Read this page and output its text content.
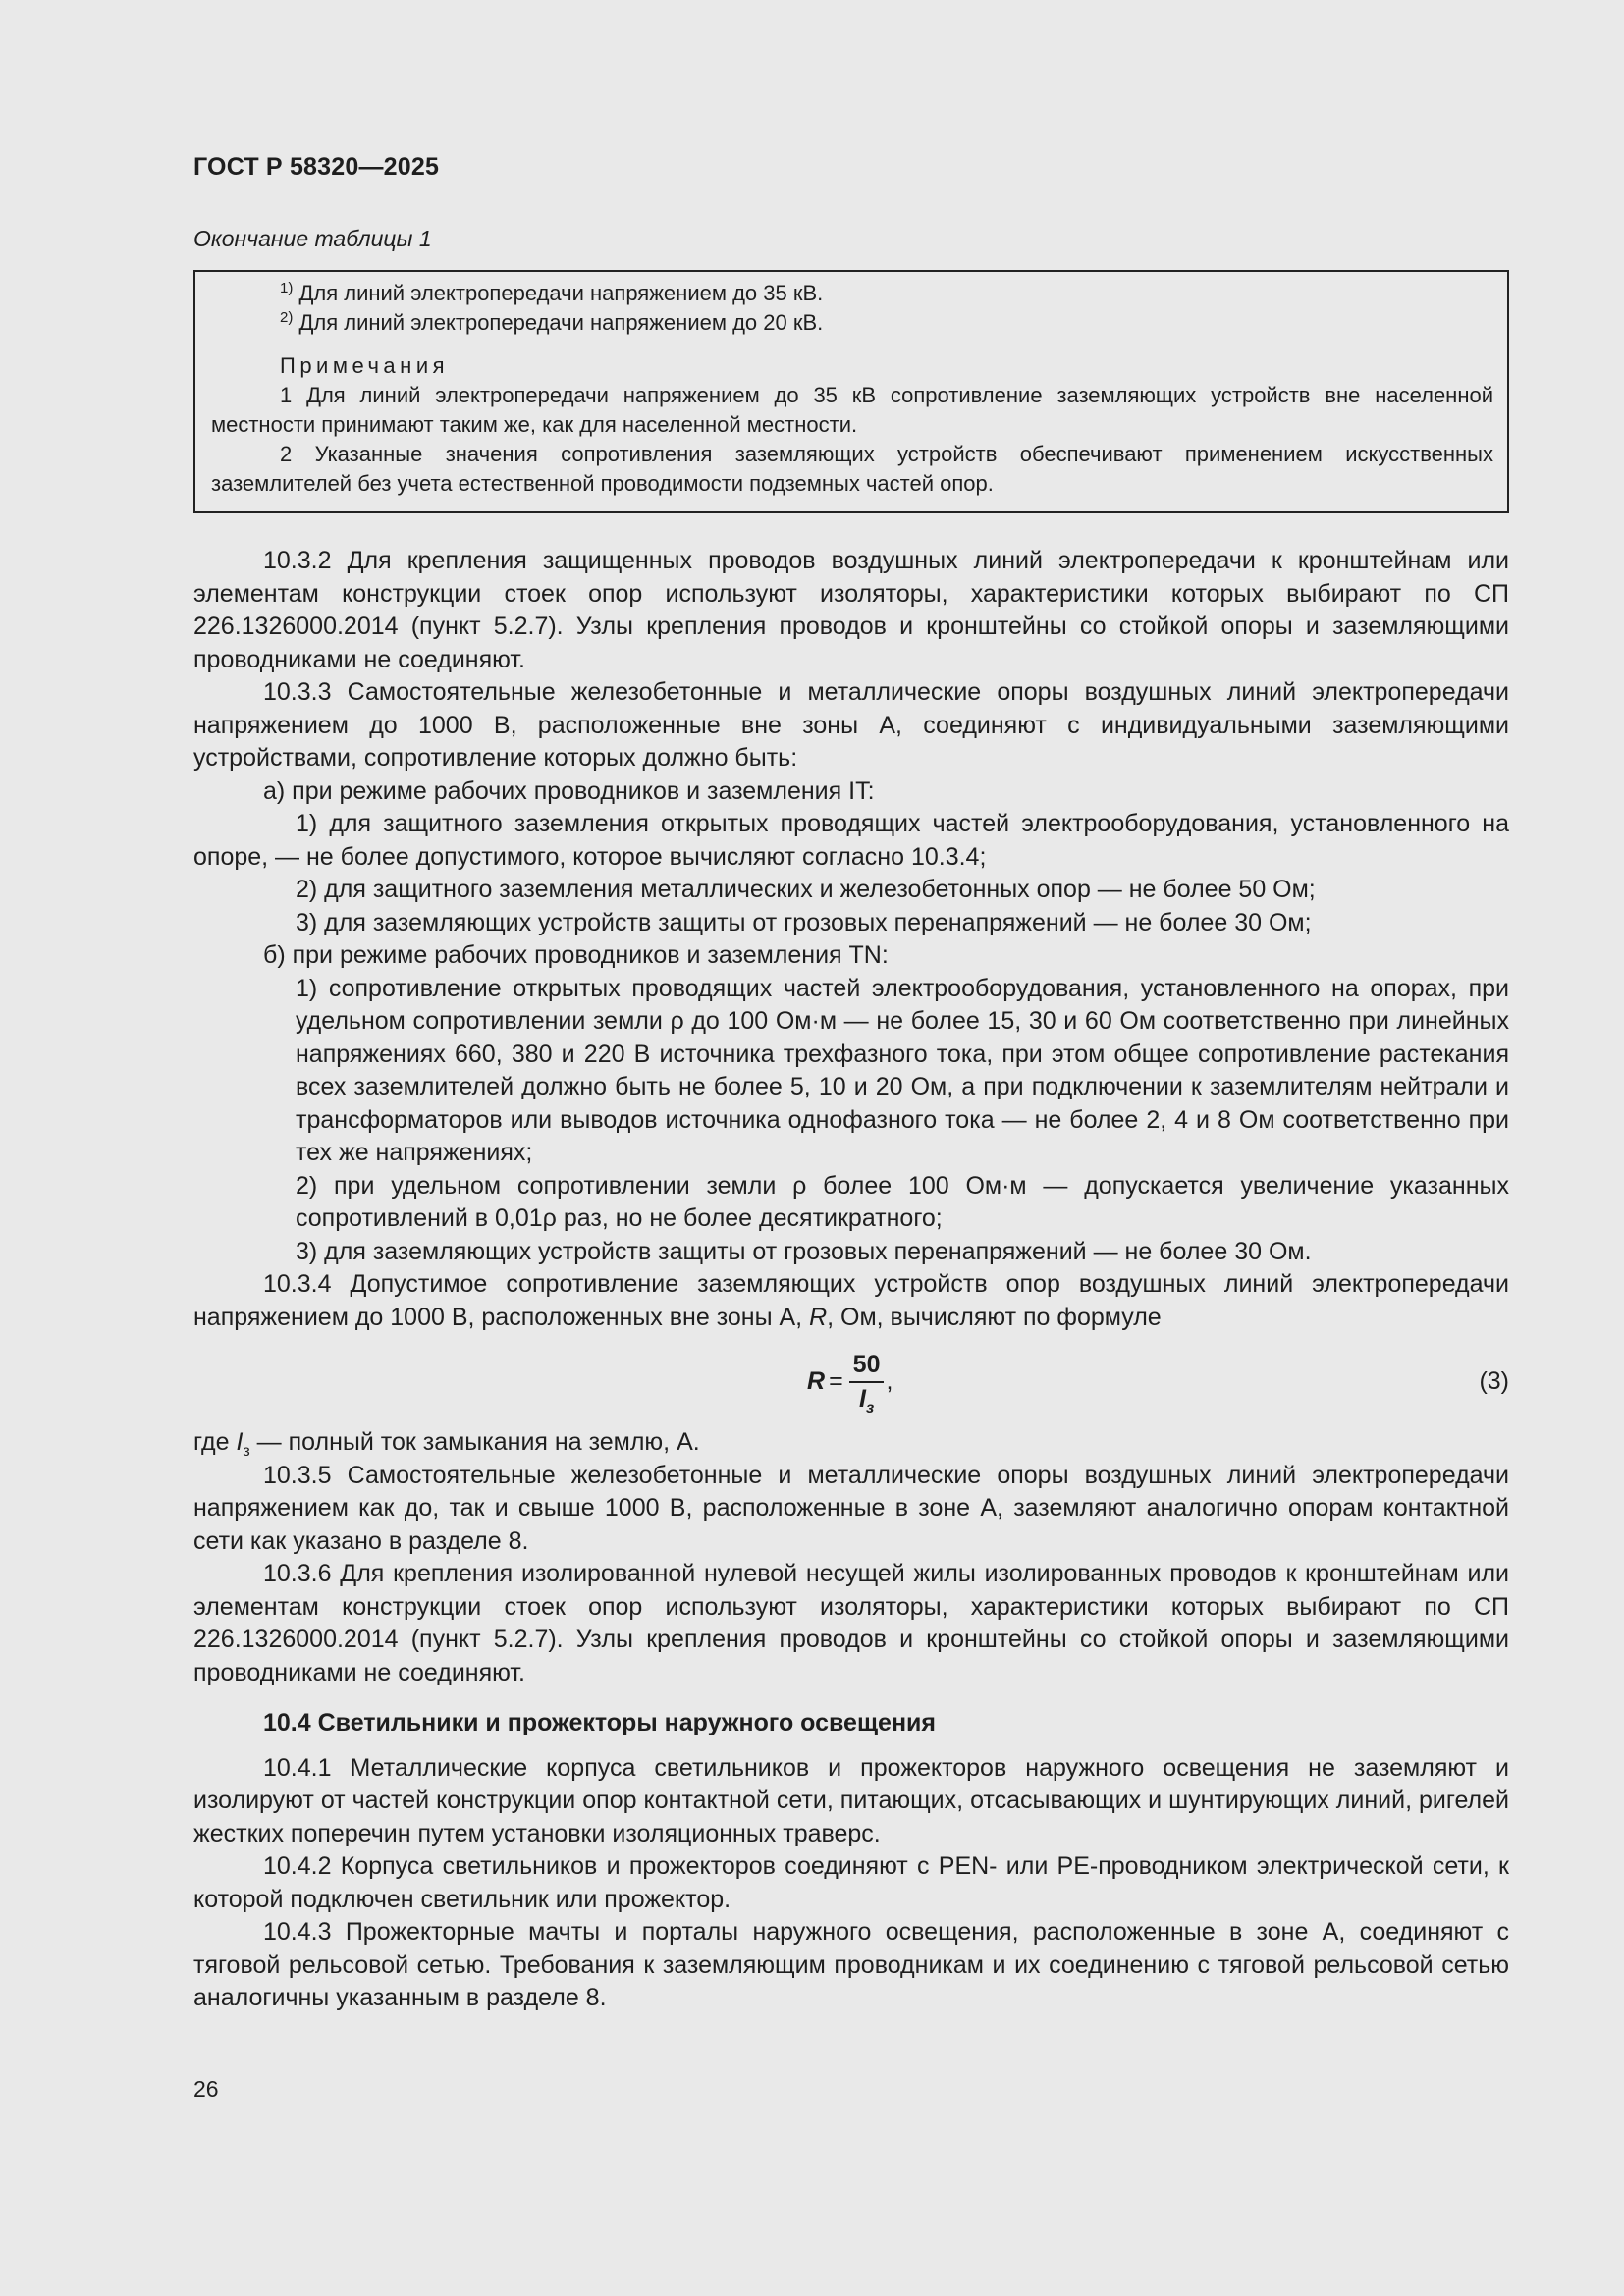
ГОСТ Р 58320—2025
Окончание таблицы 1

$^{1)}$ Для линий электропередачи напряжением до 35 кВ.

$^{2)}$ Для линий электропередачи напряжением до 20 кВ.

Примечания

1 Для линий электропередачи напряжением до 35 кВ сопротивление заземляющих устройств вне населенной местности принимают таким же, как для населенной местности.

2 Указанные значения сопротивления заземляющих устройств обеспечивают применением искусственных заземлителей без учета естественной проводимости подземных частей опор.

10.3.2 Для крепления защищенных проводов воздушных линий электропередачи к кронштейнам или элементам конструкции стоек опор используют изоляторы, характеристики которых выбирают по СП 226.1326000.2014 (пункт 5.2.7). Узлы крепления проводов и кронштейны со стойкой опоры и заземляющими проводниками не соединяют.

10.3.3 Самостоятельные железобетонные и металлические опоры воздушных линий электропередачи напряжением до 1000 В, расположенные вне зоны А, соединяют с индивидуальными заземляющими устройствами, сопротивление которых должно быть:

а) при режиме рабочих проводников и заземления IT:

1) для защитного заземления открытых проводящих частей электрооборудования, установленного на опоре, — не более допустимого, которое вычисляют согласно 10.3.4;

2) для защитного заземления металлических и железобетонных опор — не более 50 Ом;

3) для заземляющих устройств защиты от грозовых перенапряжений — не более 30 Ом;

б) при режиме рабочих проводников и заземления TN:

1) сопротивление открытых проводящих частей электрооборудования, установленного на опорах, при удельном сопротивлении земли ρ до 100 Ом·м — не более 15, 30 и 60 Ом соответственно при линейных напряжениях 660, 380 и 220 В источника трехфазного тока, при этом общее сопротивление растекания всех заземлителей должно быть не более 5, 10 и 20 Ом, а при подключении к заземлителям нейтрали и трансформаторов или выводов источника однофазного тока — не более 2, 4 и 8 Ом соответственно при тех же напряжениях;

2) при удельном сопротивлении земли ρ более 100 Ом·м — допускается увеличение указанных сопротивлений в 0,01ρ раз, но не более десятикратного;

3) для заземляющих устройств защиты от грозовых перенапряжений — не более 30 Ом.

10.3.4 Допустимое сопротивление заземляющих устройств опор воздушных линий электропередачи напряжением до 1000 В, расположенных вне зоны А, R, Ом, вычисляют по формуле

$R = \frac{50}{I_з}$ ,	(3)

где $I_з$ — полный ток замыкания на землю, А.

10.3.5 Самостоятельные железобетонные и металлические опоры воздушных линий электропередачи напряжением как до, так и свыше 1000 В, расположенные в зоне А, заземляют аналогично опорам контактной сети как указано в разделе 8.

10.3.6 Для крепления изолированной нулевой несущей жилы изолированных проводов к кронштейнам или элементам конструкции стоек опор используют изоляторы, характеристики которых выбирают по СП 226.1326000.2014 (пункт 5.2.7). Узлы крепления проводов и кронштейны со стойкой опоры и заземляющими проводниками не соединяют.

10.4 Светильники и прожекторы наружного освещения

10.4.1 Металлические корпуса светильников и прожекторов наружного освещения не заземляют и изолируют от частей конструкции опор контактной сети, питающих, отсасывающих и шунтирующих линий, ригелей жестких поперечин путем установки изоляционных траверс.

10.4.2 Корпуса светильников и прожекторов соединяют с PEN- или PE-проводником электрической сети, к которой подключен светильник или прожектор.

10.4.3 Прожекторные мачты и порталы наружного освещения, расположенные в зоне А, соединяют с тяговой рельсовой сетью. Требования к заземляющим проводникам и их соединению с тяговой рельсовой сетью аналогичны указанным в разделе 8.

26
